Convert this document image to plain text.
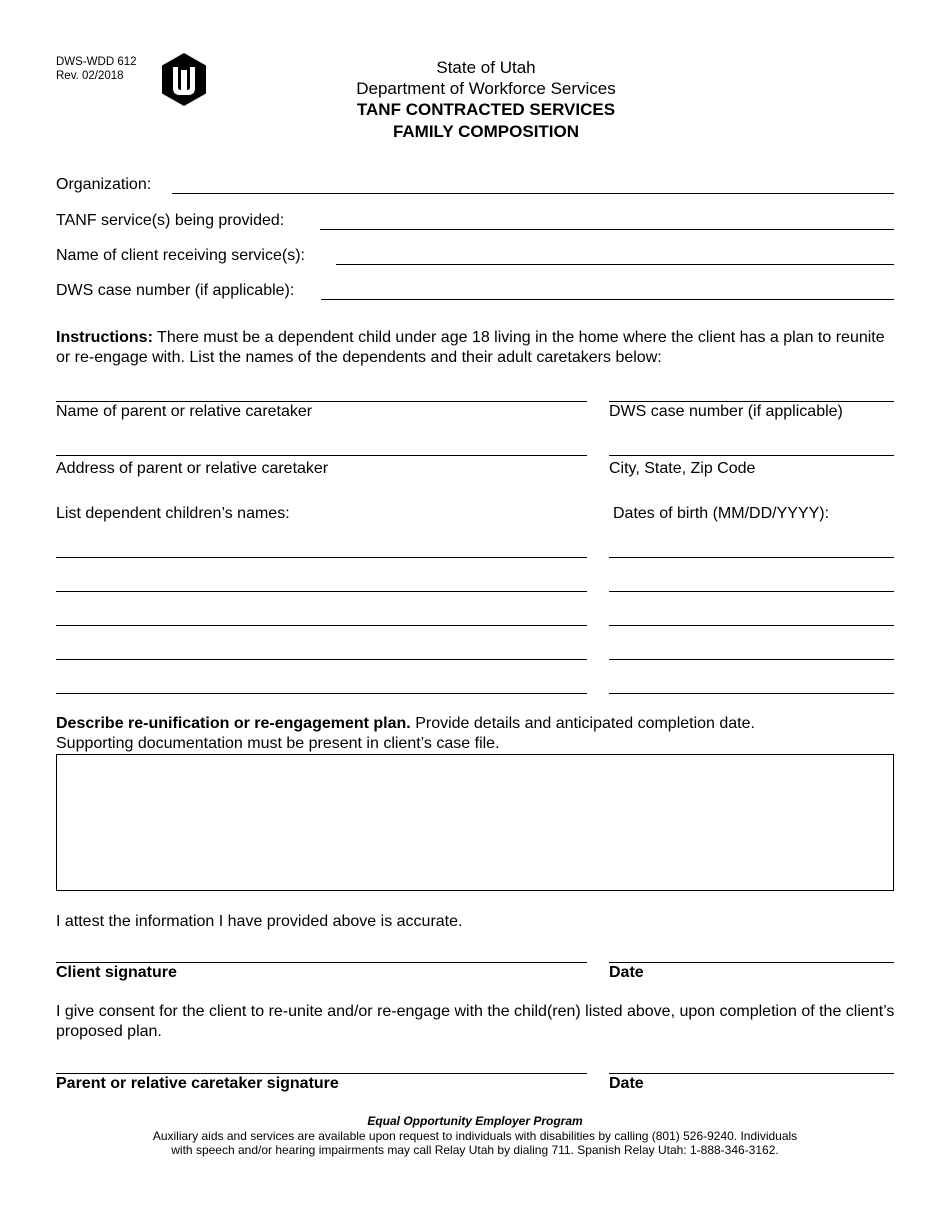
DWS-WDD 612
Rev. 02/2018	State of Utah
Department of Workforce Services
TANF CONTRACTED SERVICES
FAMILY COMPOSITION
Organization:
TANF service(s) being provided:
Name of client receiving service(s):
DWS case number (if applicable):
Instructions: There must be a dependent child under age 18 living in the home where the client has a plan to reunite or re-engage with. List the names of the dependents and their adult caretakers below:
Name of parent or relative caretaker	DWS case number (if applicable)
Address of parent or relative caretaker	City, State, Zip Code
List dependent children’s names:	Dates of birth (MM/DD/YYYY):
Describe re-unification or re-engagement plan. Provide details and anticipated completion date.
Supporting documentation must be present in client’s case file.
I attest the information I have provided above is accurate.
Client signature	Date
I give consent for the client to re-unite and/or re-engage with the child(ren) listed above, upon completion of the client’s proposed plan.
Parent or relative caretaker signature	Date
Equal Opportunity Employer Program
Auxiliary aids and services are available upon request to individuals with disabilities by calling (801) 526-9240. Individuals
with speech and/or hearing impairments may call Relay Utah by dialing 711. Spanish Relay Utah: 1-888-346-3162.
